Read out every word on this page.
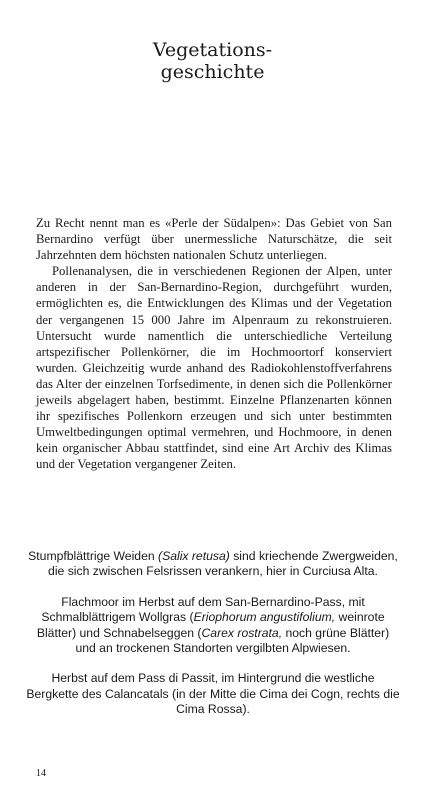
Vegetations-
geschichte

Zu Recht nennt man es «Perle der Südalpen»: Das Gebiet von San Bernardino verfügt über unermessliche Naturschätze, die seit Jahrzehnten dem höchsten nationalen Schutz unterliegen.

Pollenanalysen, die in verschiedenen Regionen der Alpen, unter anderen in der San-Bernardino-Region, durchgeführt wurden, ermöglichten es, die Entwicklungen des Klimas und der Vegetation der vergangenen 15 000 Jahre im Alpenraum zu rekonstruieren. Untersucht wurde namentlich die unterschiedliche Verteilung artspezifischer Pollenkörner, die im Hochmoortorf konserviert wurden. Gleichzeitig wurde anhand des Radiokohlenstoffverfahrens das Alter der einzelnen Torfsedimente, in denen sich die Pollenkörner jeweils abgelagert haben, bestimmt. Einzelne Pflanzenarten können ihr spezifisches Pollenkorn erzeugen und sich unter bestimmten Umweltbedingungen optimal vermehren, und Hochmoore, in denen kein organischer Abbau stattfindet, sind eine Art Archiv des Klimas und der Vegetation vergangener Zeiten.

Stumpfblättrige Weiden (Salix retusa) sind kriechende Zwergweiden, die sich zwischen Felsrissen verankern, hier in Curciusa Alta.

Flachmoor im Herbst auf dem San-Bernardino-Pass, mit Schmalblättrigem Wollgras (Eriophorum angustifolium, weinrote Blätter) und Schnabelseggen (Carex rostrata, noch grüne Blätter) und an trockenen Standorten vergilbten Alpwiesen.

Herbst auf dem Pass di Passit, im Hintergrund die westliche Bergkette des Calancatals (in der Mitte die Cima dei Cogn, rechts die Cima Rossa).

14
